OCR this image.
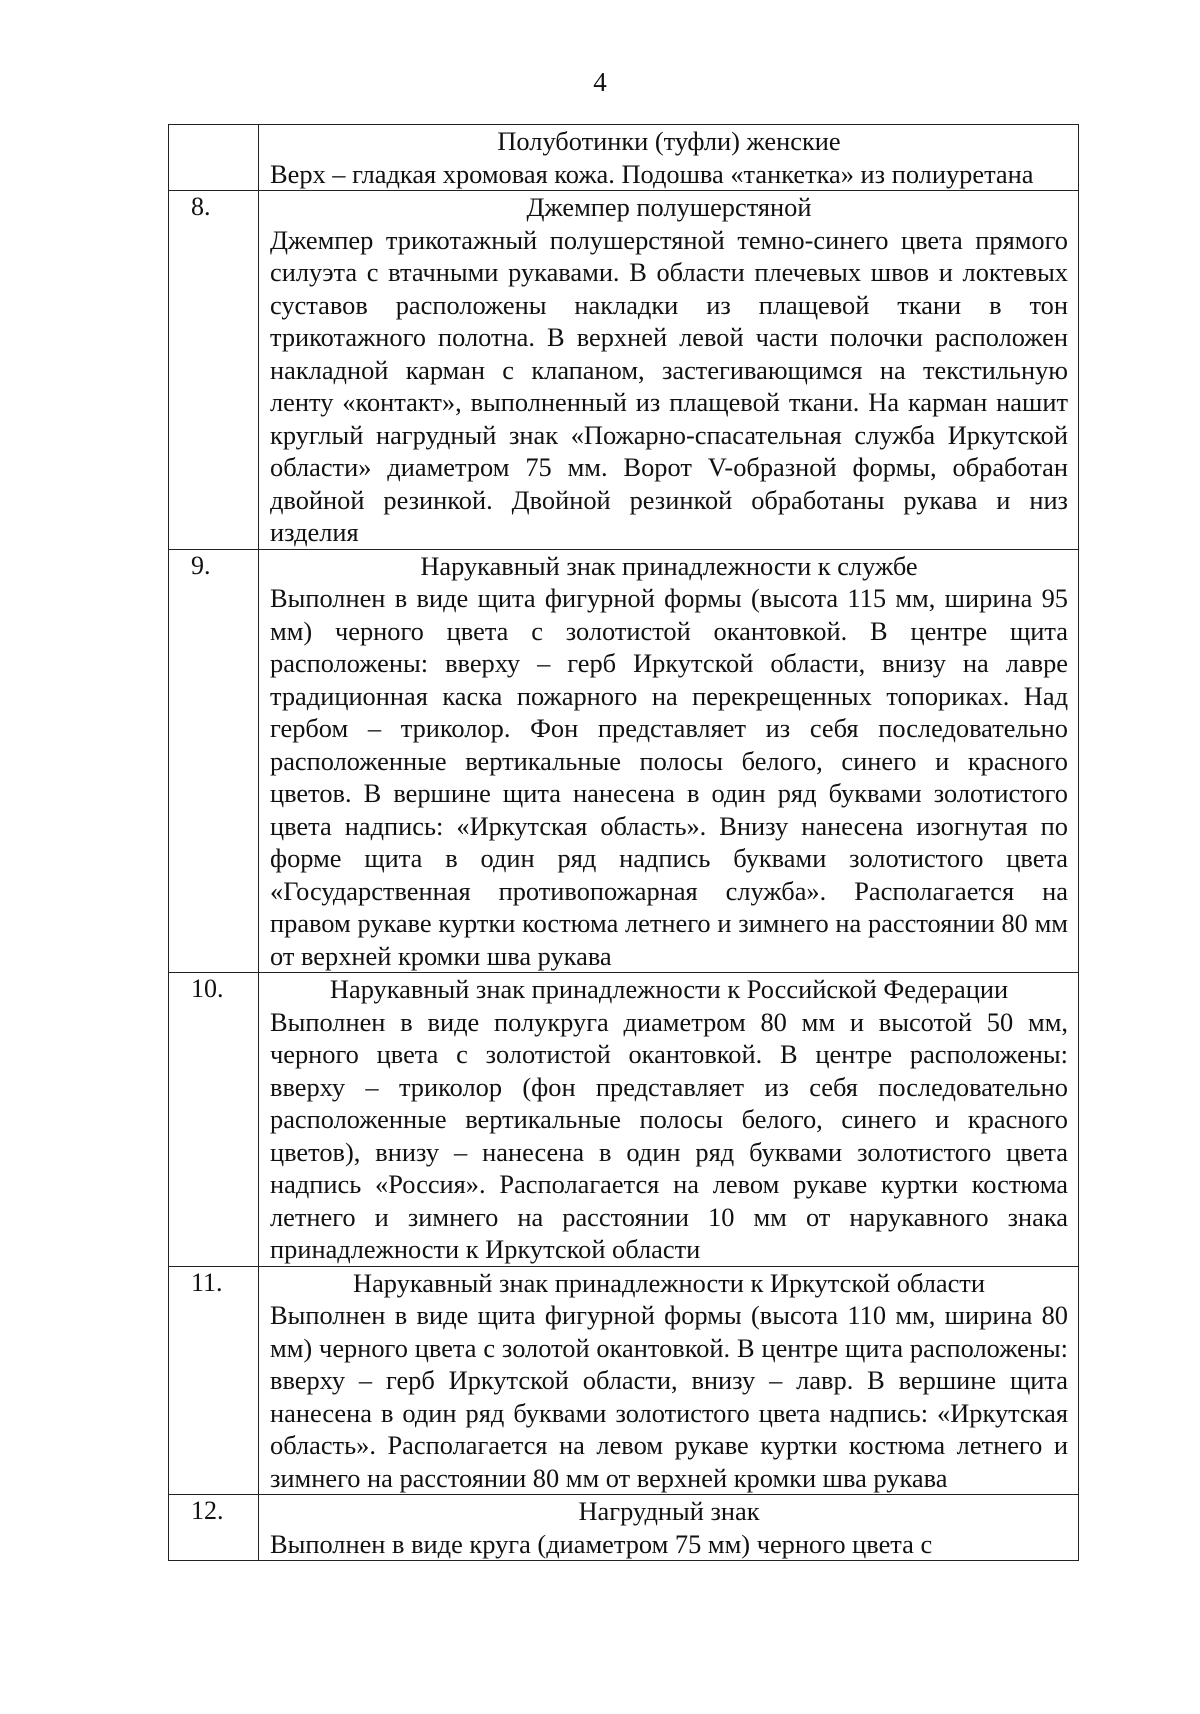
4

	Полуботинки (туфли) женские
Верх – гладкая хромовая кожа. Подошва «танкетка» из полиуретана

8.	Джемпер полушерстяной
Джемпер трикотажный полушерстяной темно-синего цвета прямого силуэта с втачными рукавами. В области плечевых швов и локтевых суставов расположены накладки из плащевой ткани в тон трикотажного полотна. В верхней левой части полочки расположен накладной карман с клапаном, застегивающимся на текстильную ленту «контакт», выполненный из плащевой ткани. На карман нашит круглый нагрудный знак «Пожарно-спасательная служба Иркутской области» диаметром 75 мм. Ворот V-образной формы, обработан двойной резинкой. Двойной резинкой обработаны рукава и низ изделия

9.	Нарукавный знак принадлежности к службе
Выполнен в виде щита фигурной формы (высота 115 мм, ширина 95 мм) черного цвета с золотистой окантовкой. В центре щита расположены: вверху – герб Иркутской области, внизу на лавре традиционная каска пожарного на перекрещенных топориках. Над гербом – триколор. Фон представляет из себя последовательно расположенные вертикальные полосы белого, синего и красного цветов. В вершине щита нанесена в один ряд буквами золотистого цвета надпись: «Иркутская область». Внизу нанесена изогнутая по форме щита в один ряд надпись буквами золотистого цвета «Государственная противопожарная служба». Располагается на правом рукаве куртки костюма летнего и зимнего на расстоянии 80 мм от верхней кромки шва рукава

10.	Нарукавный знак принадлежности к Российской Федерации
Выполнен в виде полукруга диаметром 80 мм и высотой 50 мм, черного цвета с золотистой окантовкой. В центре расположены: вверху – триколор (фон представляет из себя последовательно расположенные вертикальные полосы белого, синего и красного цветов), внизу – нанесена в один ряд буквами золотистого цвета надпись «Россия». Располагается на левом рукаве куртки костюма летнего и зимнего на расстоянии 10 мм от нарукавного знака принадлежности к Иркутской области

11.	Нарукавный знак принадлежности к Иркутской области
Выполнен в виде щита фигурной формы (высота 110 мм, ширина 80 мм) черного цвета с золотой окантовкой. В центре щита расположены: вверху – герб Иркутской области, внизу – лавр. В вершине щита нанесена в один ряд буквами золотистого цвета надпись: «Иркутская область». Располагается на левом рукаве куртки костюма летнего и зимнего на расстоянии 80 мм от верхней кромки шва рукава

12.	Нагрудный знак
Выполнен в виде круга (диаметром 75 мм) черного цвета с
